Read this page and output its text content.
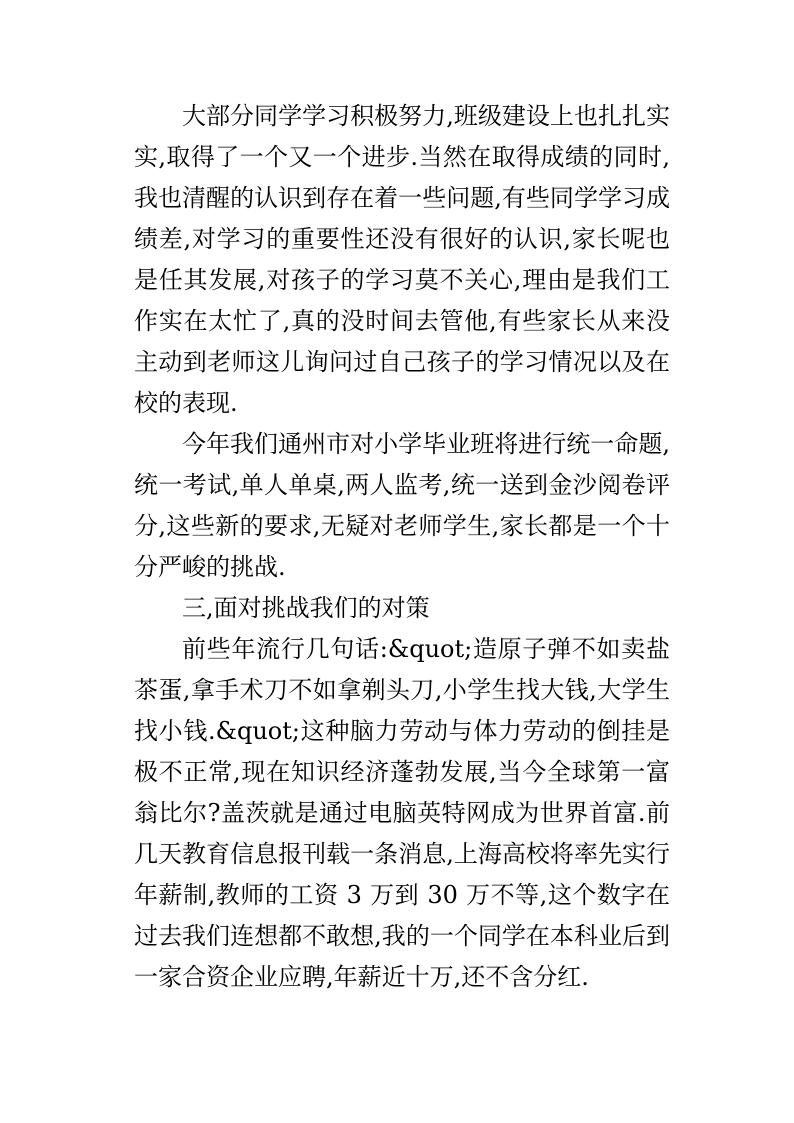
大部分同学学习积极努力,班级建设上也扎扎实实,取得了一个又一个进步.当然在取得成绩的同时,我也清醒的认识到存在着一些问题,有些同学学习成绩差,对学习的重要性还没有很好的认识,家长呢也是任其发展,对孩子的学习莫不关心,理由是我们工作实在太忙了,真的没时间去管他,有些家长从来没主动到老师这儿询问过自己孩子的学习情况以及在校的表现.

今年我们通州市对小学毕业班将进行统一命题,统一考试,单人单桌,两人监考,统一送到金沙阅卷评分,这些新的要求,无疑对老师学生,家长都是一个十分严峻的挑战.

三,面对挑战我们的对策

前些年流行几句话:&quot;造原子弹不如卖盐茶蛋,拿手术刀不如拿剃头刀,小学生找大钱,大学生找小钱.&quot;这种脑力劳动与体力劳动的倒挂是极不正常,现在知识经济蓬勃发展,当今全球第一富翁比尔?盖茨就是通过电脑英特网成为世界首富.前几天教育信息报刊载一条消息,上海高校将率先实行年薪制,教师的工资 3 万到 30 万不等,这个数字在过去我们连想都不敢想,我的一个同学在本科业后到一家合资企业应聘,年薪近十万,还不含分红.
